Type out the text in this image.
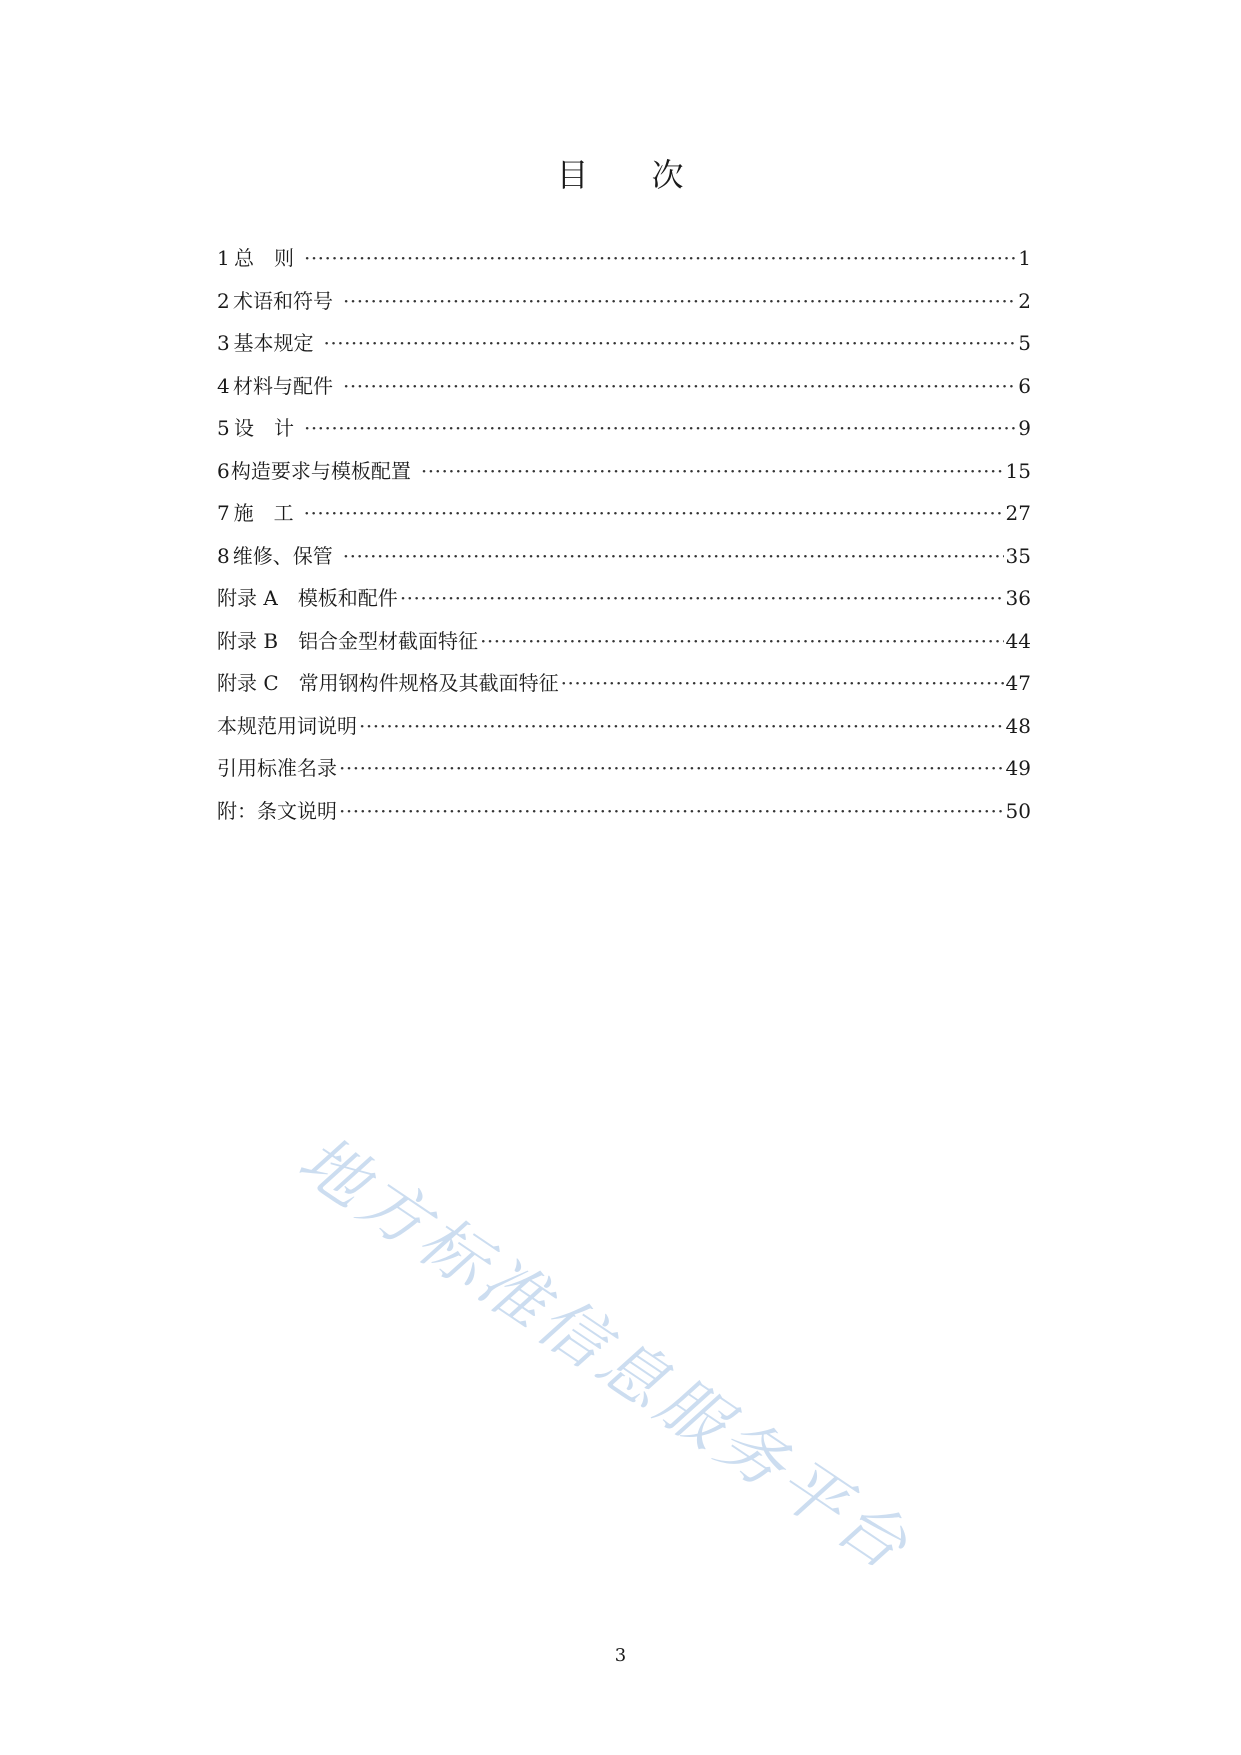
目 次
1 总　则 ·····	1
2 术语和符号 ·····	2
3 基本规定 ·····	5
4 材料与配件 ·····	6
5 设　计 ·····	9
6 构造要求与模板配置 ·····	15
7 施　工 ·····	27
8 维修、保管 ·····	35
附录 A 模板和配件 ·····	36
附录 B 铝合金型材截面特征 ·····	44
附录 C 常用钢构件规格及其截面特征 ·····	47
本规范用词说明 ·····	48
引用标准名录 ·····	49
附：条文说明 ·····	50
地方标准信息服务平台
3
